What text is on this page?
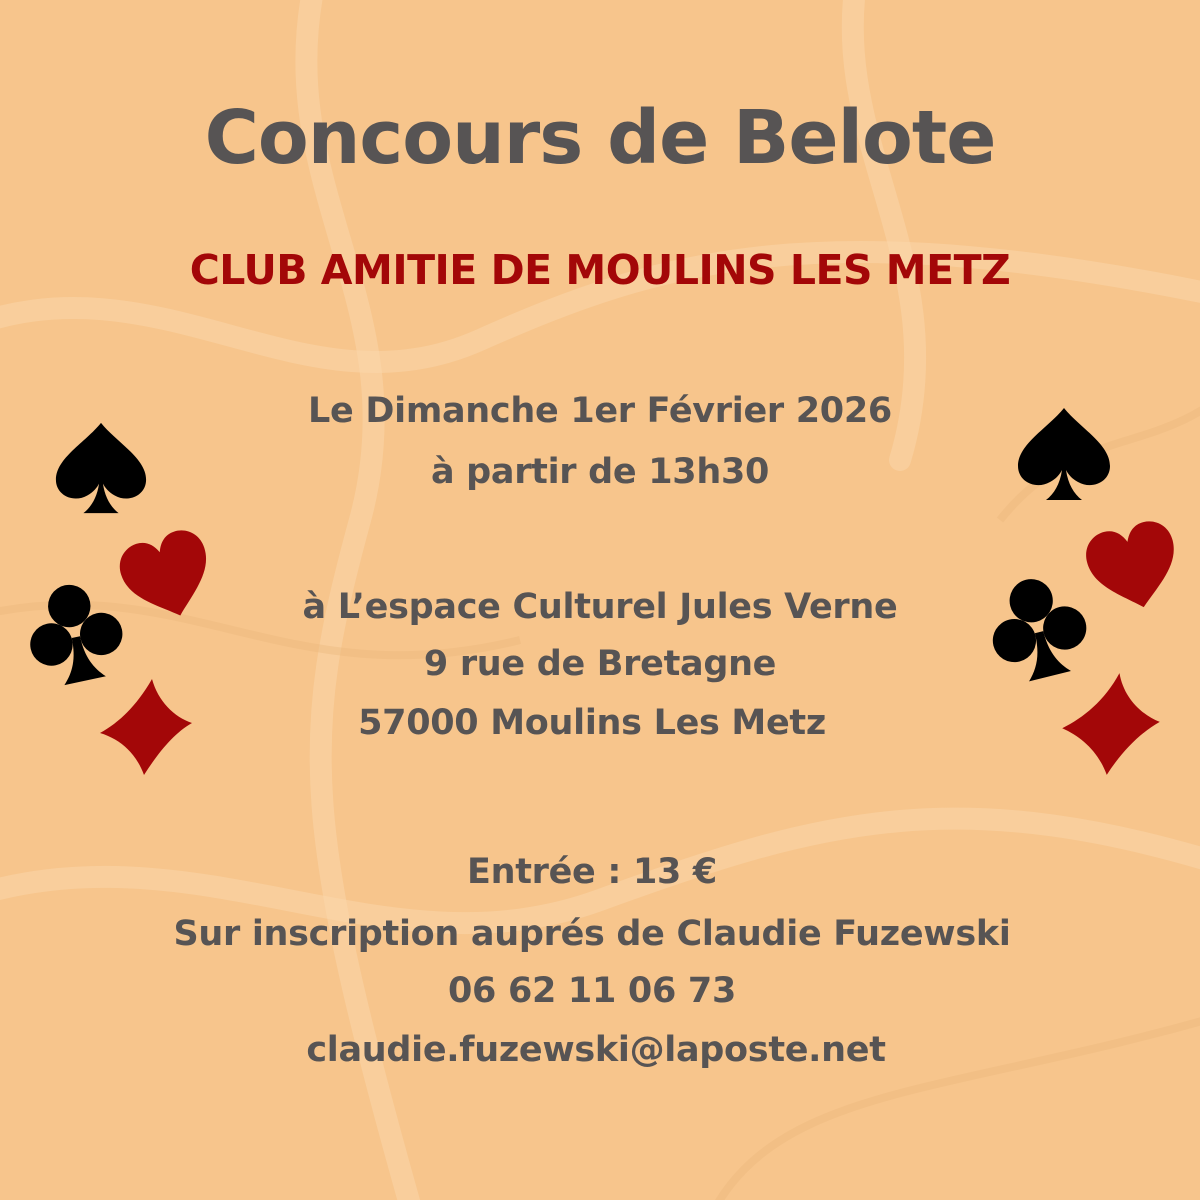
Concours de Belote
CLUB AMITIE DE MOULINS LES METZ
Le Dimanche 1er Février 2026
à partir de 13h30
à L’espace Culturel Jules Verne
9 rue de Bretagne
57000 Moulins Les Metz
Entrée : 13 €
Sur inscription auprés de Claudie Fuzewski
06 62 11 06 73
claudie.fuzewski@laposte.net
